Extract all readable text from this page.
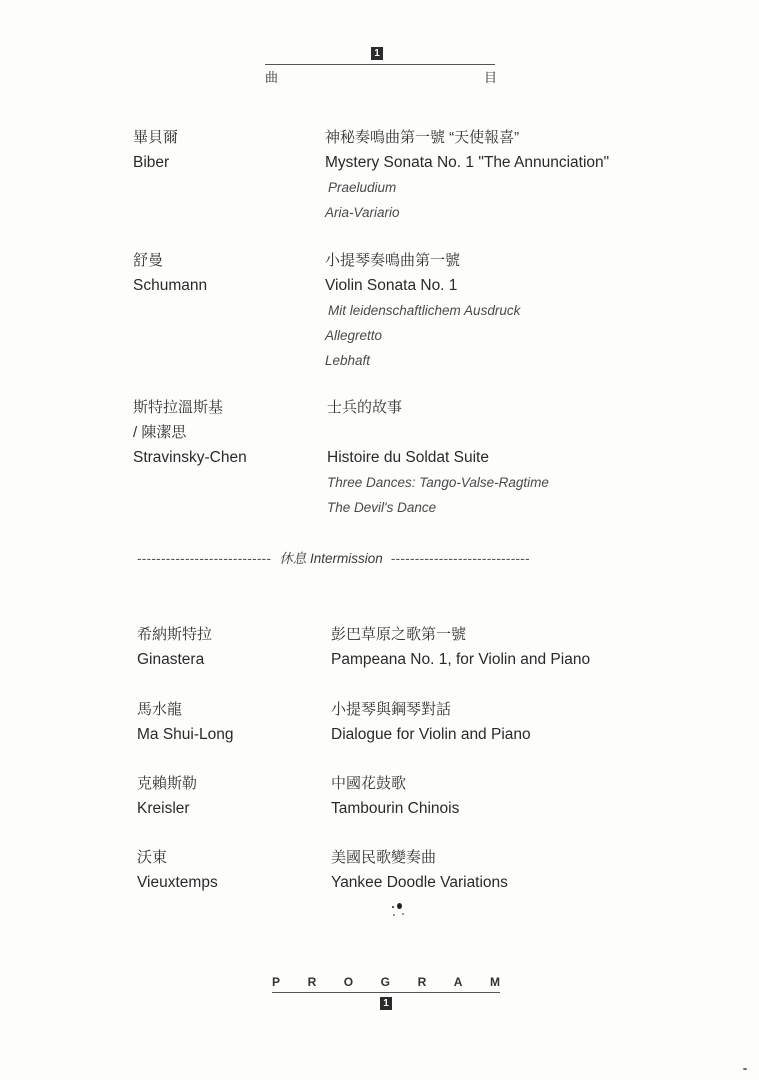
1
曲	目
畢貝爾
Biber
神秘奏鳴曲第一號 “天使報喜”
Mystery Sonata No. 1 "The Annunciation"
Praeludium
Aria-Variario
舒曼
Schumann
小提琴奏鳴曲第一號
Violin Sonata No. 1
Mit leidenschaftlichem Ausdruck
Allegretto
Lebhaft
斯特拉溫斯基
/ 陳潔思
Stravinsky-Chen
士兵的故事
Histoire du Soldat Suite
Three Dances: Tango-Valse-Ragtime
The Devil's Dance
---------------------------- 休息 Intermission -----------------------------
希納斯特拉
Ginastera
彭巴草原之歌第一號
Pampeana No. 1, for Violin and Piano
馬水龍
Ma Shui-Long
小提琴與鋼琴對話
Dialogue for Violin and Piano
克賴斯勒
Kreisler
中國花鼓歌
Tambourin Chinois
沃東
Vieuxtemps
美國民歌變奏曲
Yankee Doodle Variations
P R O G R A M
1
